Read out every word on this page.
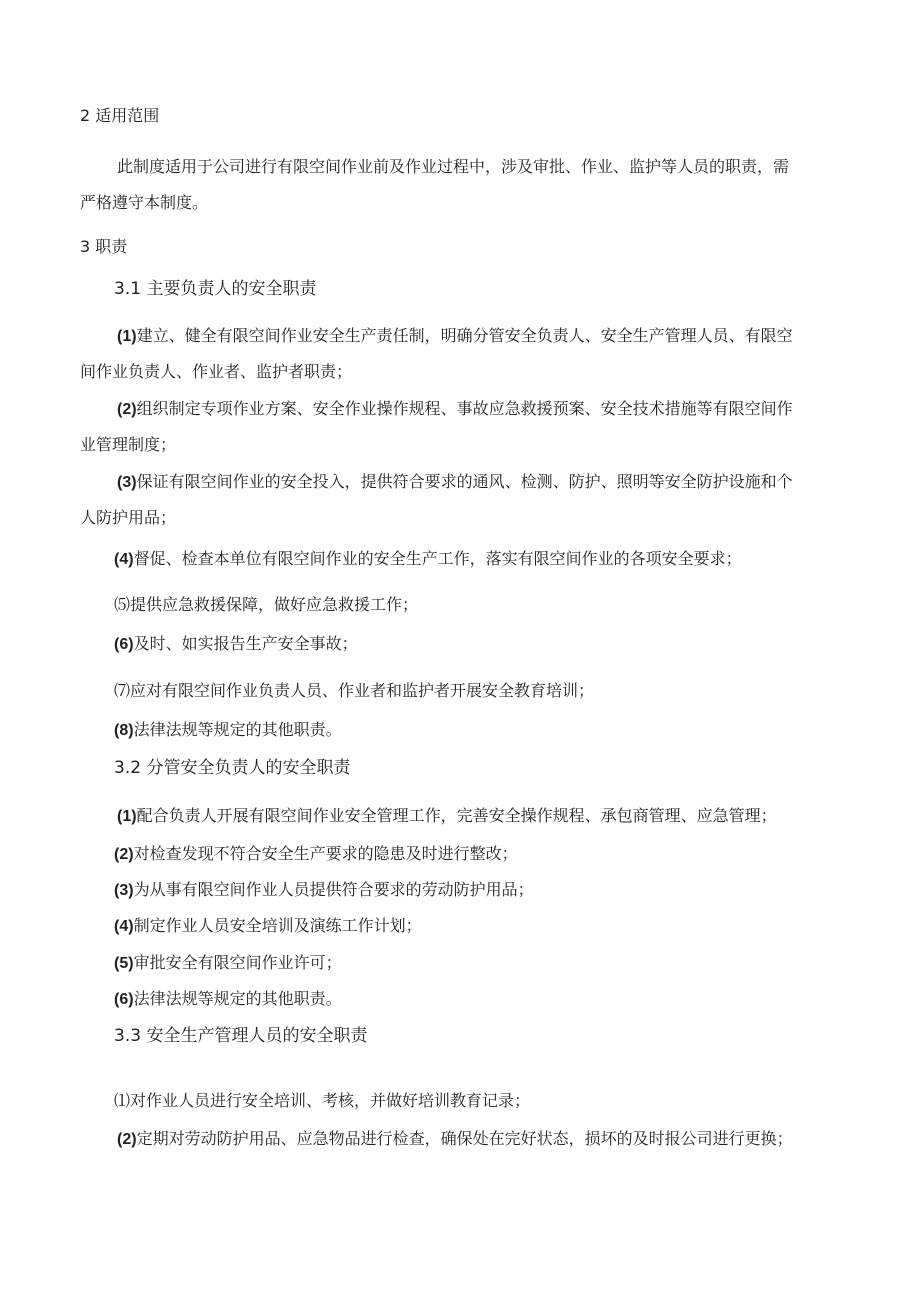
2 适用范围
此制度适用于公司进行有限空间作业前及作业过程中，涉及审批、作业、监护等人员的职责，需
严格遵守本制度。
3 职责
3.1 主要负责人的安全职责
(1)建立、健全有限空间作业安全生产责任制，明确分管安全负责人、安全生产管理人员、有限空
间作业负责人、作业者、监护者职责；
(2)组织制定专项作业方案、安全作业操作规程、事故应急救援预案、安全技术措施等有限空间作
业管理制度；
(3)保证有限空间作业的安全投入，提供符合要求的通风、检测、防护、照明等安全防护设施和个
人防护用品；
(4)督促、检查本单位有限空间作业的安全生产工作，落实有限空间作业的各项安全要求；
⑸提供应急救援保障，做好应急救援工作；
(6)及时、如实报告生产安全事故；
⑺应对有限空间作业负责人员、作业者和监护者开展安全教育培训；
(8)法律法规等规定的其他职责。
3.2 分管安全负责人的安全职责
(1)配合负责人开展有限空间作业安全管理工作，完善安全操作规程、承包商管理、应急管理；
(2)对检查发现不符合安全生产要求的隐患及时进行整改；
(3)为从事有限空间作业人员提供符合要求的劳动防护用品；
(4)制定作业人员安全培训及演练工作计划；
(5)审批安全有限空间作业许可；
(6)法律法规等规定的其他职责。
3.3 安全生产管理人员的安全职责
⑴对作业人员进行安全培训、考核，并做好培训教育记录；
(2)定期对劳动防护用品、应急物品进行检查，确保处在完好状态，损坏的及时报公司进行更换；
